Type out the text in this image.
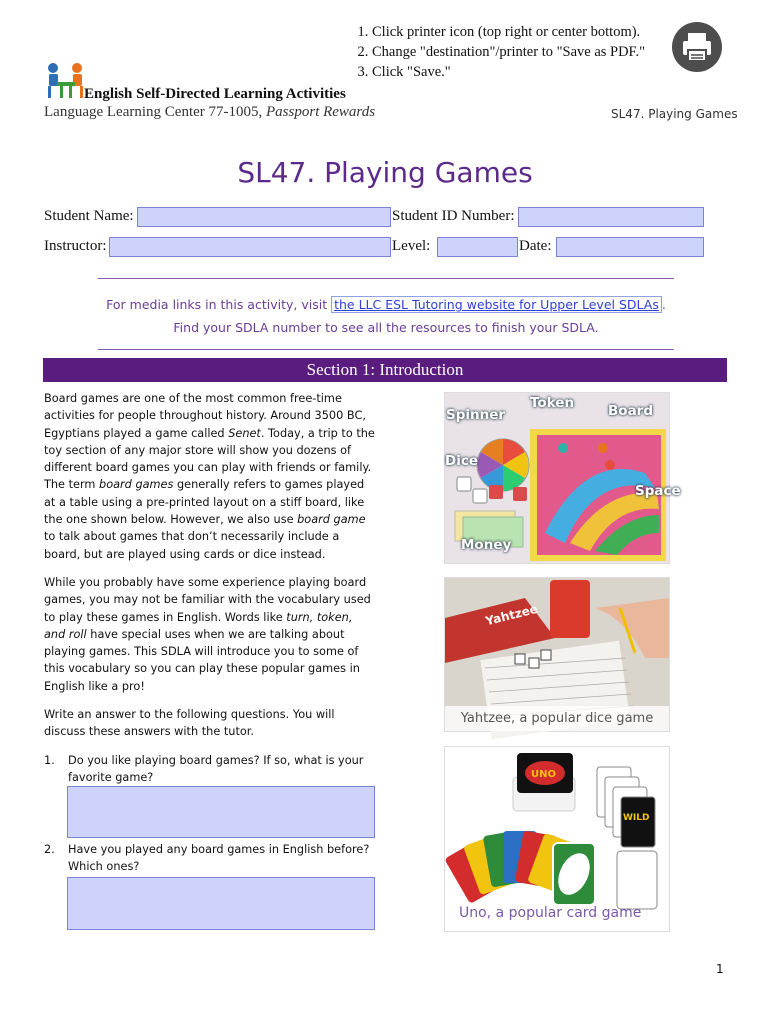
1. Click printer icon (top right or center bottom).
2. Change "destination"/printer to "Save as PDF."
3. Click "Save."
English Self-Directed Learning Activities
Language Learning Center 77-1005, Passport Rewards	SL47. Playing Games
SL47. Playing Games
Student Name:	Student ID Number:
Instructor:	Level:	Date:
For media links in this activity, visit the LLC ESL Tutoring website for Upper Level SDLAs . Find your SDLA number to see all the resources to finish your SDLA.
Section 1: Introduction

Board games are one of the most common free-time activities for people throughout history. Around 3500 BC, Egyptians played a game called Senet. Today, a trip to the toy section of any major store will show you dozens of different board games you can play with friends or family. The term board games generally refers to games played at a table using a pre-printed layout on a stiff board, like the one shown below. However, we also use board game to talk about games that don’t necessarily include a board, but are played using cards or dice instead.

While you probably have some experience playing board games, you may not be familiar with the vocabulary used to play these games in English. Words like turn, token, and roll have special uses when we are talking about playing games. This SDLA will introduce you to some of this vocabulary so you can play these popular games in English like a pro!

Write an answer to the following questions. You will discuss these answers with the tutor.
1. Do you like playing board games? If so, what is your favorite game?
2. Have you played any board games in English before? Which ones?
Spinner
Token	Board
Dice
Space
Money
Yahtzee
Yahtzee, a popular dice game
UNO
WILD
Uno, a popular card game
1
